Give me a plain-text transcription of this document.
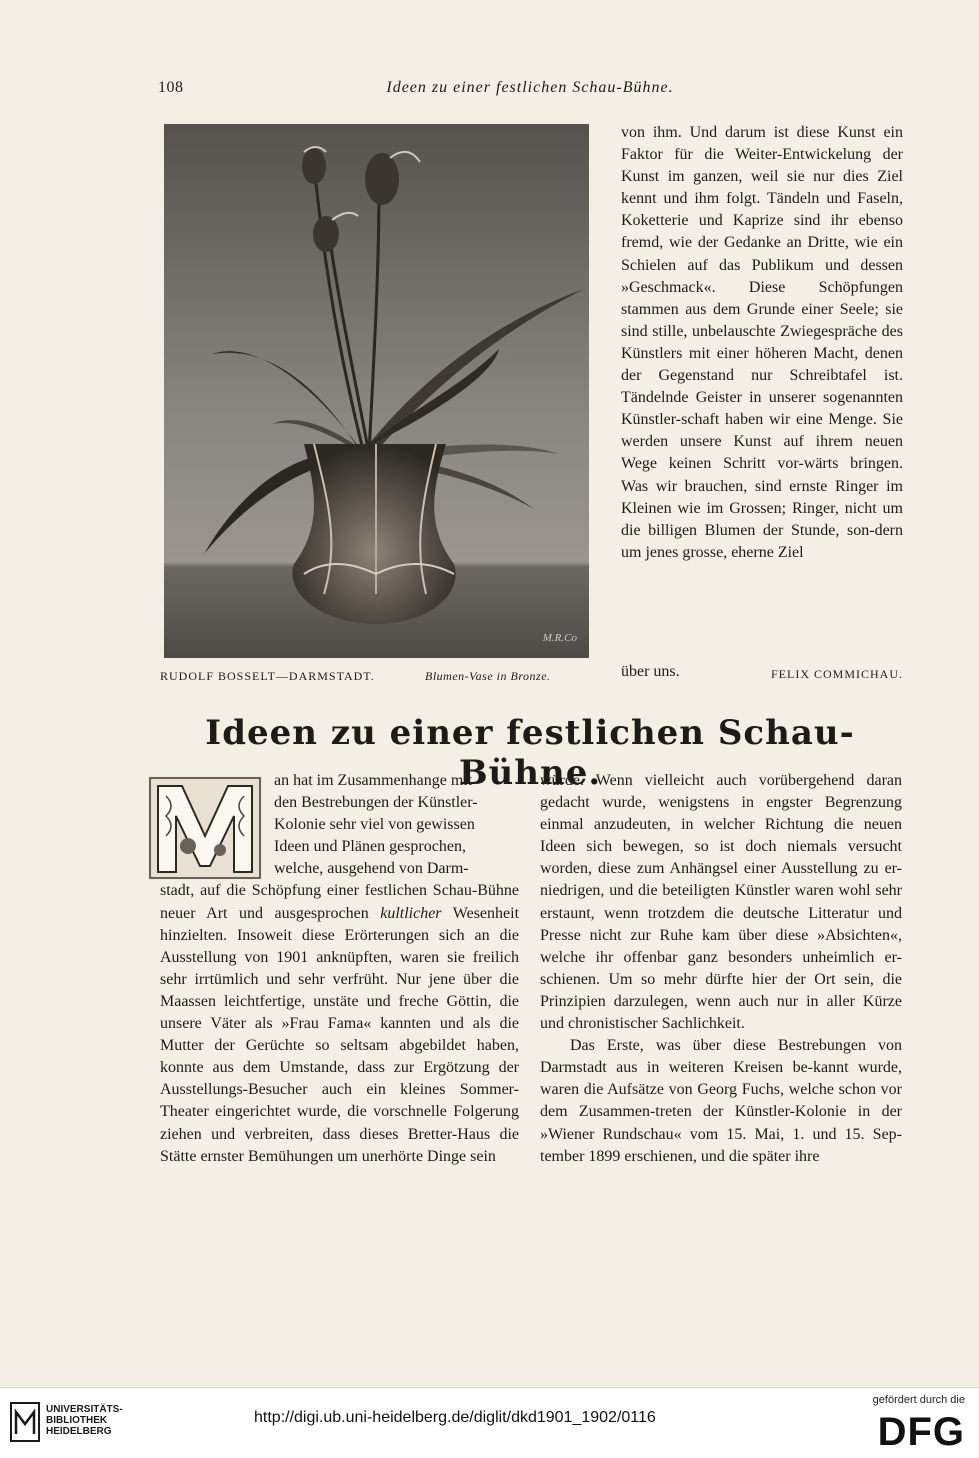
108	Ideen zu einer festlichen Schau-Bühne.
M.R.Co
RUDOLF BOSSELT—DARMSTADT.	Blumen-Vase in Bronze.

von ihm. Und darum ist diese Kunst ein Faktor für die Weiter-Entwickelung der Kunst im ganzen, weil sie nur dies Ziel kennt und ihm folgt. Tändeln und Faseln, Koketterie und Kaprize sind ihr ebenso fremd, wie der Gedanke an Dritte, wie ein Schielen auf das Publikum und dessen »Geschmack«. Diese Schöpfungen stammen aus dem Grunde einer Seele; sie sind stille, unbelauschte Zwiegespräche des Künstlers mit einer höheren Macht, denen der Gegenstand nur Schreibtafel ist. Tändelnde Geister in unserer sogenannten Künstler-schaft haben wir eine Menge. Sie werden unsere Kunst auf ihrem neuen Wege keinen Schritt vor-wärts bringen. Was wir brauchen, sind ernste Ringer im Kleinen wie im Grossen; Ringer, nicht um die billigen Blumen der Stunde, son-dern um jenes grosse, eherne Ziel

über uns.	FELIX COMMICHAU.
Ideen zu einer festlichen Schau-Bühne.

an hat im Zusammenhange mit

den Bestrebungen der Künstler-

Kolonie sehr viel von gewissen

Ideen und Plänen gesprochen,

welche, ausgehend von Darm-

stadt, auf die Schöpfung einer festlichen Schau-Bühne neuer Art und ausgesprochen kultlicher Wesenheit hinzielten. Insoweit diese Erörterungen sich an die Ausstellung von 1901 anknüpften, waren sie freilich sehr irrtümlich und sehr verfrüht. Nur jene über die Maassen leichtfertige, unstäte und freche Göttin, die unsere Väter als »Frau Fama« kannten und als die Mutter der Gerüchte so seltsam abgebildet haben, konnte aus dem Umstande, dass zur Ergötzung der Ausstellungs-Besucher auch ein kleines Sommer-Theater eingerichtet wurde, die vorschnelle Folgerung ziehen und verbreiten, dass dieses Bretter-Haus die Stätte ernster Bemühungen um unerhörte Dinge sein

würde. Wenn vielleicht auch vorübergehend daran gedacht wurde, wenigstens in engster Begrenzung einmal anzudeuten, in welcher Richtung die neuen Ideen sich bewegen, so ist doch niemals versucht worden, diese zum Anhängsel einer Ausstellung zu er-niedrigen, und die beteiligten Künstler waren wohl sehr erstaunt, wenn trotzdem die deutsche Litteratur und Presse nicht zur Ruhe kam über diese »Absichten«, welche ihr offenbar ganz besonders unheimlich er-schienen. Um so mehr dürfte hier der Ort sein, die Prinzipien darzulegen, wenn auch nur in aller Kürze und chronistischer Sachlichkeit.

Das Erste, was über diese Bestrebungen von Darmstadt aus in weiteren Kreisen be-kannt wurde, waren die Aufsätze von Georg Fuchs, welche schon vor dem Zusammen-treten der Künstler-Kolonie in der »Wiener Rundschau« vom 15. Mai, 1. und 15. Sep-tember 1899 erschienen, und die später ihre

UNIVERSITÄTS-
BIBLIOTHEK
HEIDELBERG
http://digi.ub.uni-heidelberg.de/diglit/dkd1901_1902/0116
gefördert durch die
DFG
